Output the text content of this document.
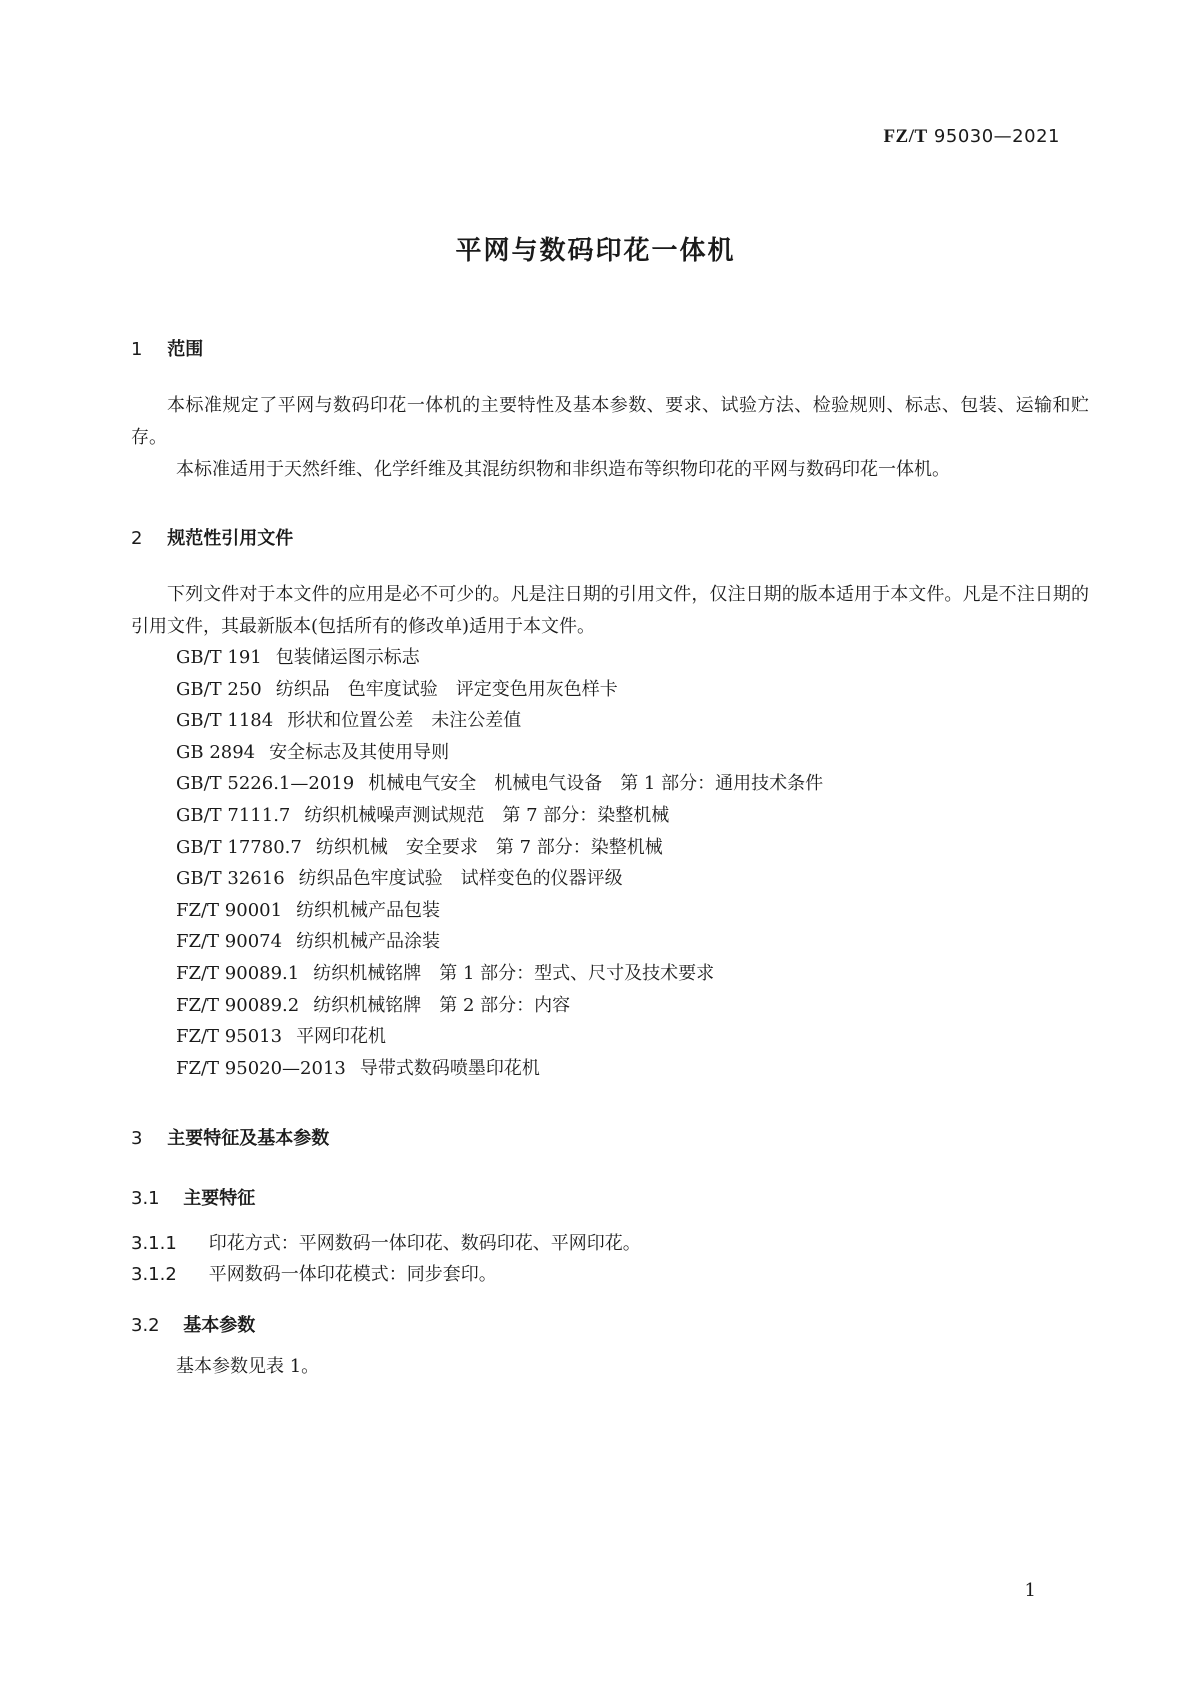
FZ/T 95030—2021
平网与数码印花一体机
1 范围
本标准规定了平网与数码印花一体机的主要特性及基本参数、要求、试验方法、检验规则、标志、包装、运输和贮存。
本标准适用于天然纤维、化学纤维及其混纺织物和非织造布等织物印花的平网与数码印花一体机。
2 规范性引用文件
下列文件对于本文件的应用是必不可少的。凡是注日期的引用文件，仅注日期的版本适用于本文件。凡是不注日期的引用文件，其最新版本(包括所有的修改单)适用于本文件。
GB/T 191 包装储运图示标志
GB/T 250 纺织品　色牢度试验　评定变色用灰色样卡
GB/T 1184 形状和位置公差　未注公差值
GB 2894 安全标志及其使用导则
GB/T 5226.1—2019 机械电气安全　机械电气设备　第 1 部分：通用技术条件
GB/T 7111.7 纺织机械噪声测试规范　第 7 部分：染整机械
GB/T 17780.7 纺织机械　安全要求　第 7 部分：染整机械
GB/T 32616 纺织品色牢度试验　试样变色的仪器评级
FZ/T 90001 纺织机械产品包装
FZ/T 90074 纺织机械产品涂装
FZ/T 90089.1 纺织机械铭牌　第 1 部分：型式、尺寸及技术要求
FZ/T 90089.2 纺织机械铭牌　第 2 部分：内容
FZ/T 95013 平网印花机
FZ/T 95020—2013 导带式数码喷墨印花机
3 主要特征及基本参数
3.1 主要特征
3.1.1 印花方式：平网数码一体印花、数码印花、平网印花。
3.1.2 平网数码一体印花模式：同步套印。
3.2 基本参数
基本参数见表 1。
1
